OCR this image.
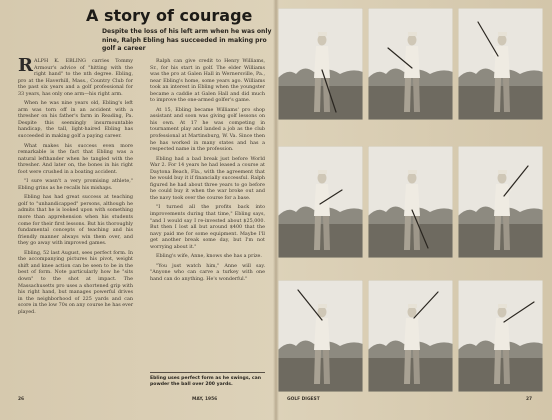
A story of courage
Despite the loss of his left arm when he was only nine, Ralph Ebling has succeeded in making pro golf a career

RALPH K. EBLING carries Tommy Armour's advice of "hitting with the right hand" to the nth degree. Ebling, pro at the Haverhill, Mass., Country Club for the past six years and a golf professional for 33 years, has only one arm—his right arm.

When he was nine years old, Ebling's left arm was torn off in an accident with a thresher on his father's farm in Reading, Pa. Despite this seemingly insurmountable handicap, the tall, light-haired Ebling has succeeded in making golf a paying career.

What makes his success even more remarkable is the fact that Ebling was a natural lefthander when he tangled with the thresher. And later on, the bones in his right foot were crushed in a boating accident.

"I sure wasn't a very promising athlete," Ebling grins as he recalls his mishaps.

Ebling has had great success at teaching golf to "unhandicapped" persons, although he admits that he is looked upon with something more than apprehension when his students come for their first lessons. But his thoroughly fundamental concepts of teaching and his friendly manner always win them over, and they go away with improved games.

Ebling, 52 last August, sees perfect form. In the accompanying pictures his pivot, weight shift and knee action can be seen to be in the best of form. Note particularly how he "sits down" to the shot at impact. The Massachusetts pro uses a shortened grip with his right hand, but manages powerful drives in the neighborhood of 225 yards and can score in the low 70s on any course he has ever played.

Ralph can give credit to Henry Williams, Sr., for his start in golf. The elder Williams was the pro at Galen Hall in Wernersville, Pa., near Ebling's home, some years ago. Williams took an interest in Ebling when the youngster became a caddie at Galen Hall and did much to improve the one-armed golfer's game.

At 15, Ebling became Williams' pro shop assistant and soon was giving golf lessons on his own. At 17 he was competing in tournament play and landed a job as the club professional at Martinsburg, W. Va. Since then he has worked in many states and has a respected name in the profession.

Ebling had a bad break just before World War 2. For 14 years he had leased a course at Daytona Beach, Fla., with the agreement that he would buy it if financially successful. Ralph figured he had about three years to go before he could buy it when the war broke out and the navy took over the course for a base.

"I turned all the profits back into improvements during that time," Ebling says, "and I would say I re-invested about $25,000. But then I lost all but around $400 that the navy paid me for some equipment. Maybe I'll get another break some day, but I'm not worrying about it."

Ebling's wife, Anne, knows she has a prize.

"You just watch him," Anne will say. "Anyone who can carve a turkey with one hand can do anything. He's wonderful."

Ebling uses perfect form as he swings, can powder the ball over 200 yards.
26	MAY, 1956	GOLF DIGEST	27
